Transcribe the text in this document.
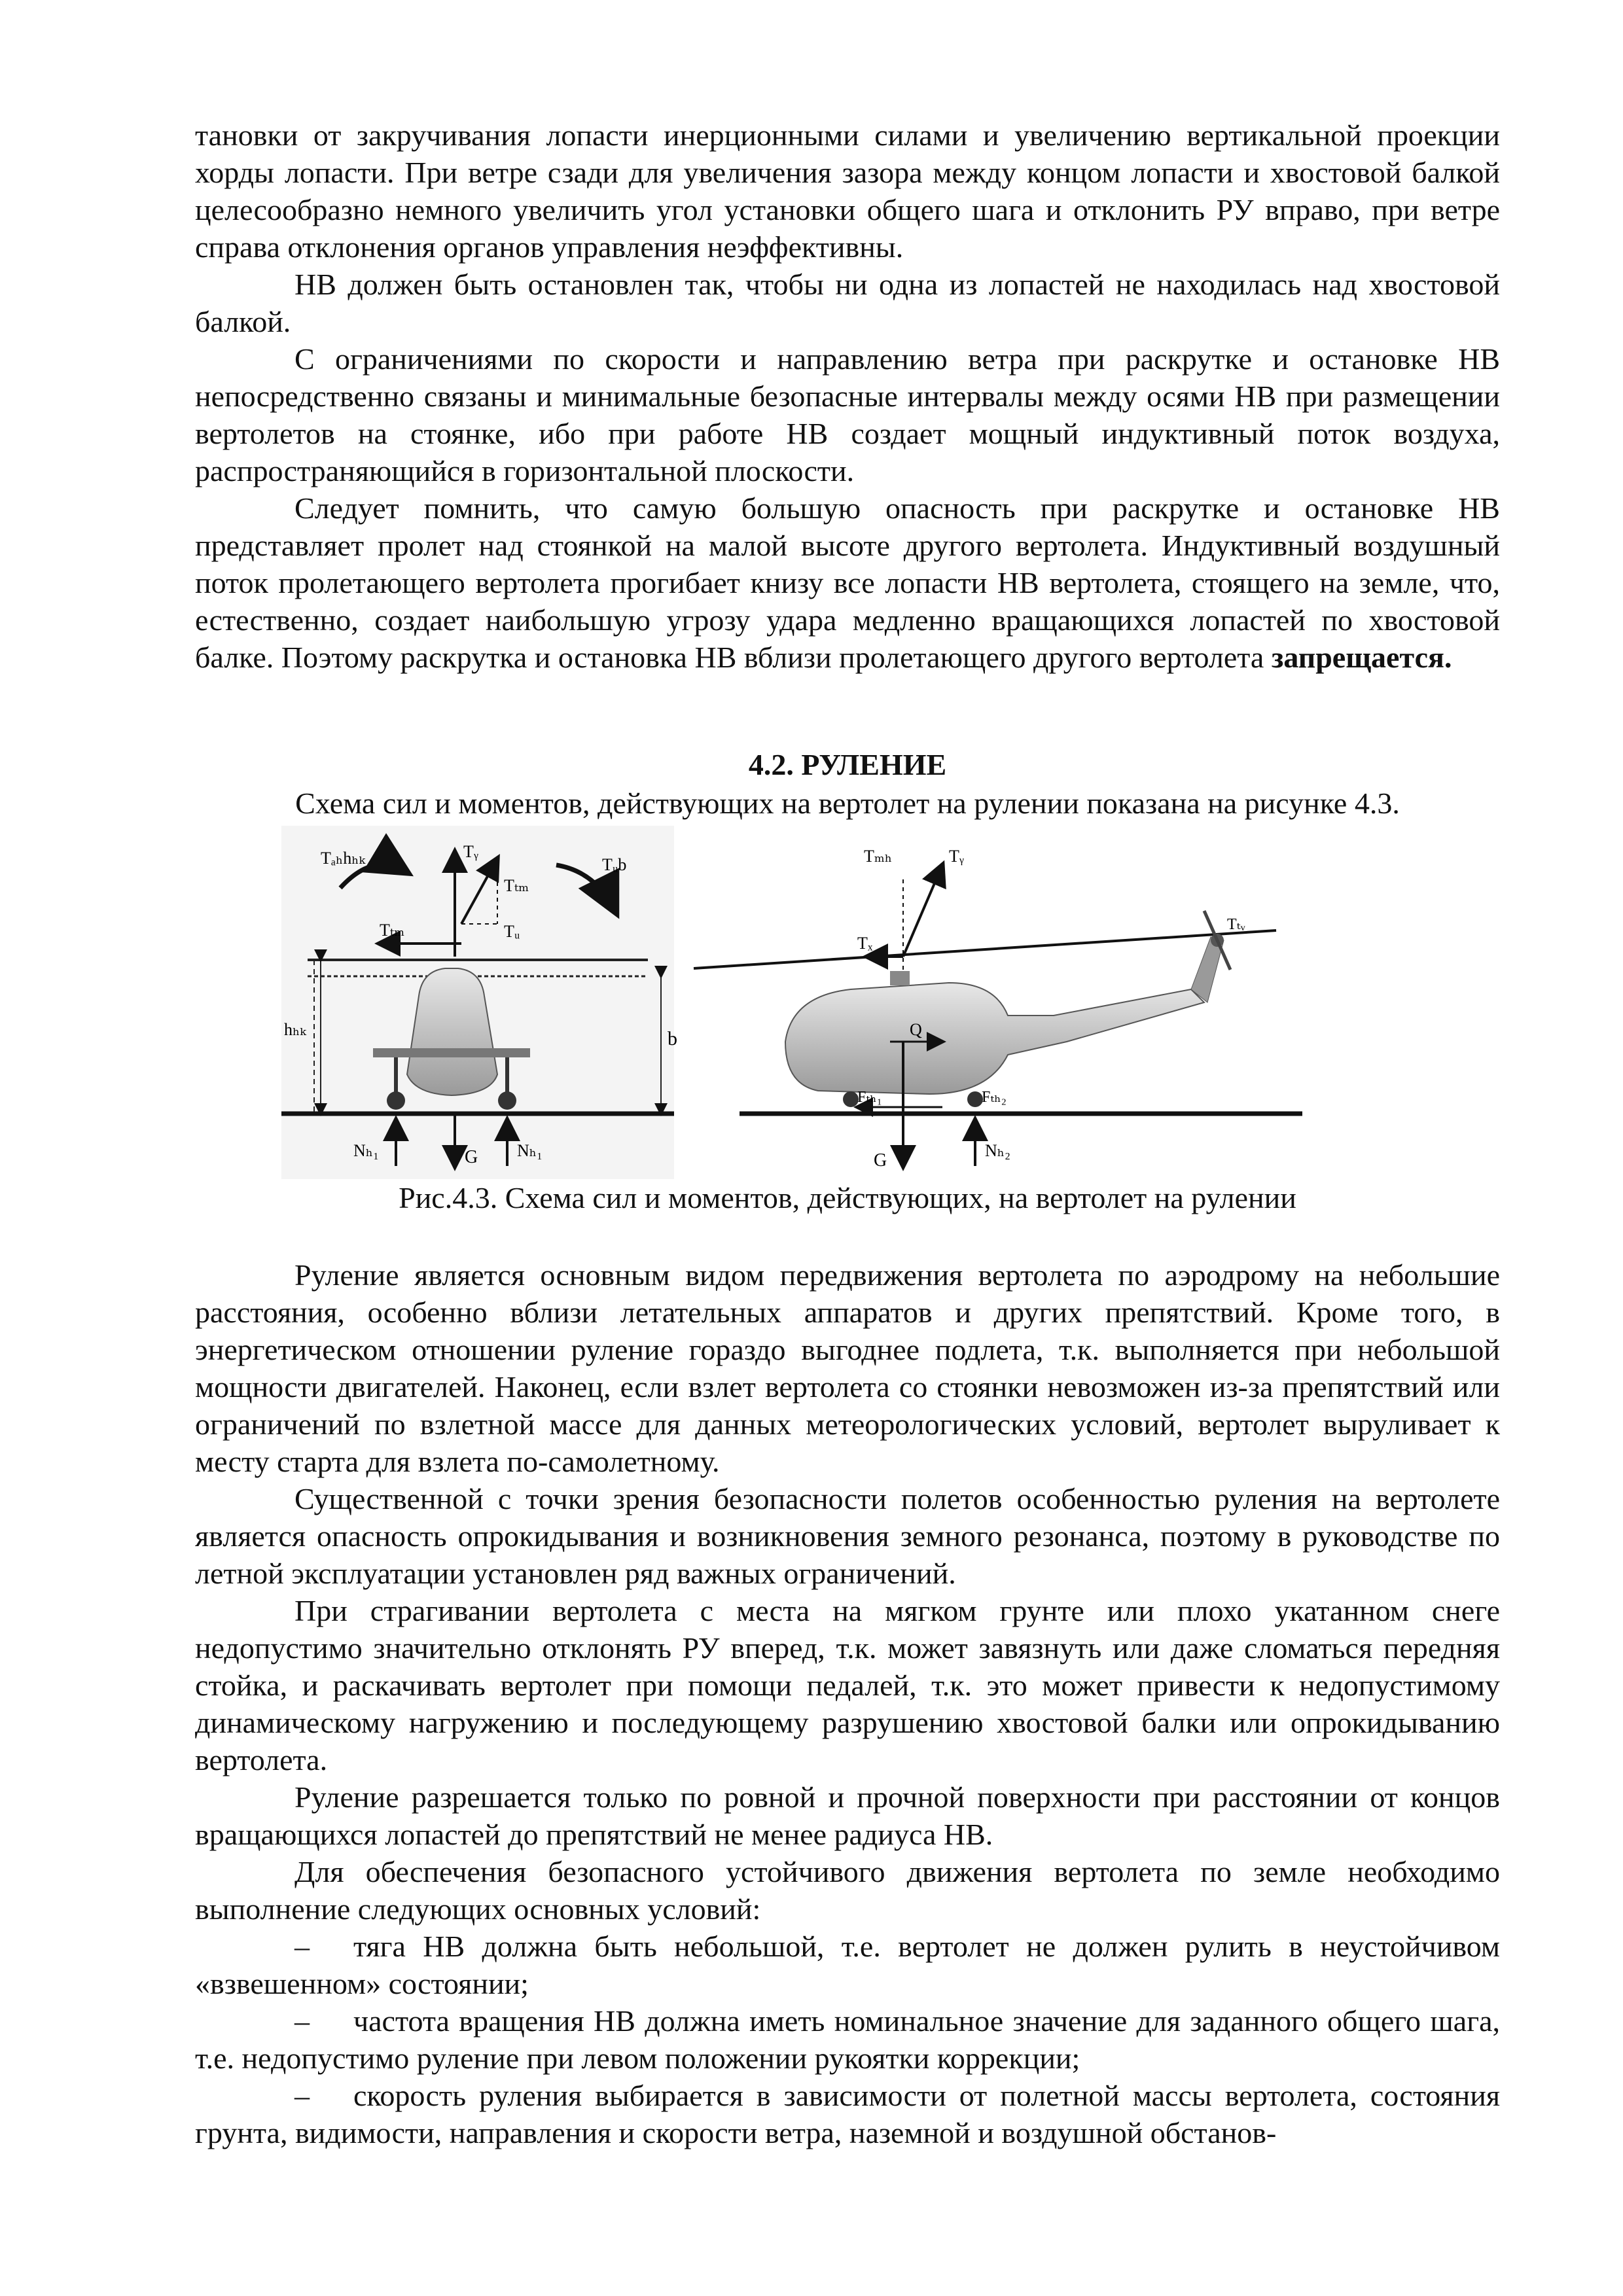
тановки от закручивания лопасти инерционными силами и увеличению вертикальной проекции хорды лопасти. При ветре сзади для увеличения зазора между концом лопасти и хвостовой балкой целесообразно немного увеличить угол установки общего шага и отклонить РУ вправо, при ветре справа отклонения органов управления неэффективны.

НВ должен быть остановлен так, чтобы ни одна из лопастей не находилась над хвостовой балкой.

С ограничениями по скорости и направлению ветра при раскрутке и остановке НВ непосредственно связаны и минимальные безопасные интервалы между осями НВ при размещении вертолетов на стоянке, ибо при работе НВ создает мощный индуктивный поток воздуха, распространяющийся в горизонтальной плоскости.

Следует помнить, что самую большую опасность при раскрутке и остановке НВ представляет пролет над стоянкой на малой высоте другого вертолета. Индуктивный воздушный поток пролетающего вертолета прогибает книзу все лопасти НВ вертолета, стоящего на земле, что, естественно, создает наибольшую угрозу удара медленно вращающихся лопастей по хвостовой балке. Поэтому раскрутка и остановка НВ вблизи пролетающего другого вертолета запрещается.

4.2. РУЛЕНИЕ
Схема сил и моментов, действующих на вертолет на рулении показана на рисунке 4.3.
Tₐₕhₕₖ	Tᵧ
Tₜₘ
Tᵤb
Tₜₘ	Tᵤ
hₕₖ	b
Nₕ₁	G Nₕ₁
Tₘₕ	Tᵧ
Tₓ
Tₜᵥ
Q
Fₜₕ₁	Fₜₕ₂
G	Nₕ₂
Рис.4.3. Схема сил и моментов, действующих, на вертолет на рулении

Руление является основным видом передвижения вертолета по аэродрому на небольшие расстояния, особенно вблизи летательных аппаратов и других препятствий. Кроме того, в энергетическом отношении руление гораздо выгоднее подлета, т.к. выполняется при небольшой мощности двигателей. Наконец, если взлет вертолета со стоянки невозможен из-за препятствий или ограничений по взлетной массе для данных метеорологических условий, вертолет выруливает к месту старта для взлета по-самолетному.

Существенной с точки зрения безопасности полетов особенностью руления на вертолете является опасность опрокидывания и возникновения земного резонанса, поэтому в руководстве по летной эксплуатации установлен ряд важных ограничений.

При страгивании вертолета с места на мягком грунте или плохо укатанном снеге недопустимо значительно отклонять РУ вперед, т.к. может завязнуть или даже сломаться передняя стойка, и раскачивать вертолет при помощи педалей, т.к. это может привести к недопустимому динамическому нагружению и последующему разрушению хвостовой балки или опрокидыванию вертолета.

Руление разрешается только по ровной и прочной поверхности при расстоянии от концов вращающихся лопастей до препятствий не менее радиуса НВ.

Для обеспечения безопасного устойчивого движения вертолета по земле необходимо выполнение следующих основных условий:

– тяга НВ должна быть небольшой, т.е. вертолет не должен рулить в неустойчивом «взвешенном» состоянии;

– частота вращения НВ должна иметь номинальное значение для заданного общего шага, т.е. недопустимо руление при левом положении рукоятки коррекции;

– скорость руления выбирается в зависимости от полетной массы вертолета, состояния грунта, видимости, направления и скорости ветра, наземной и воздушной обстанов-
